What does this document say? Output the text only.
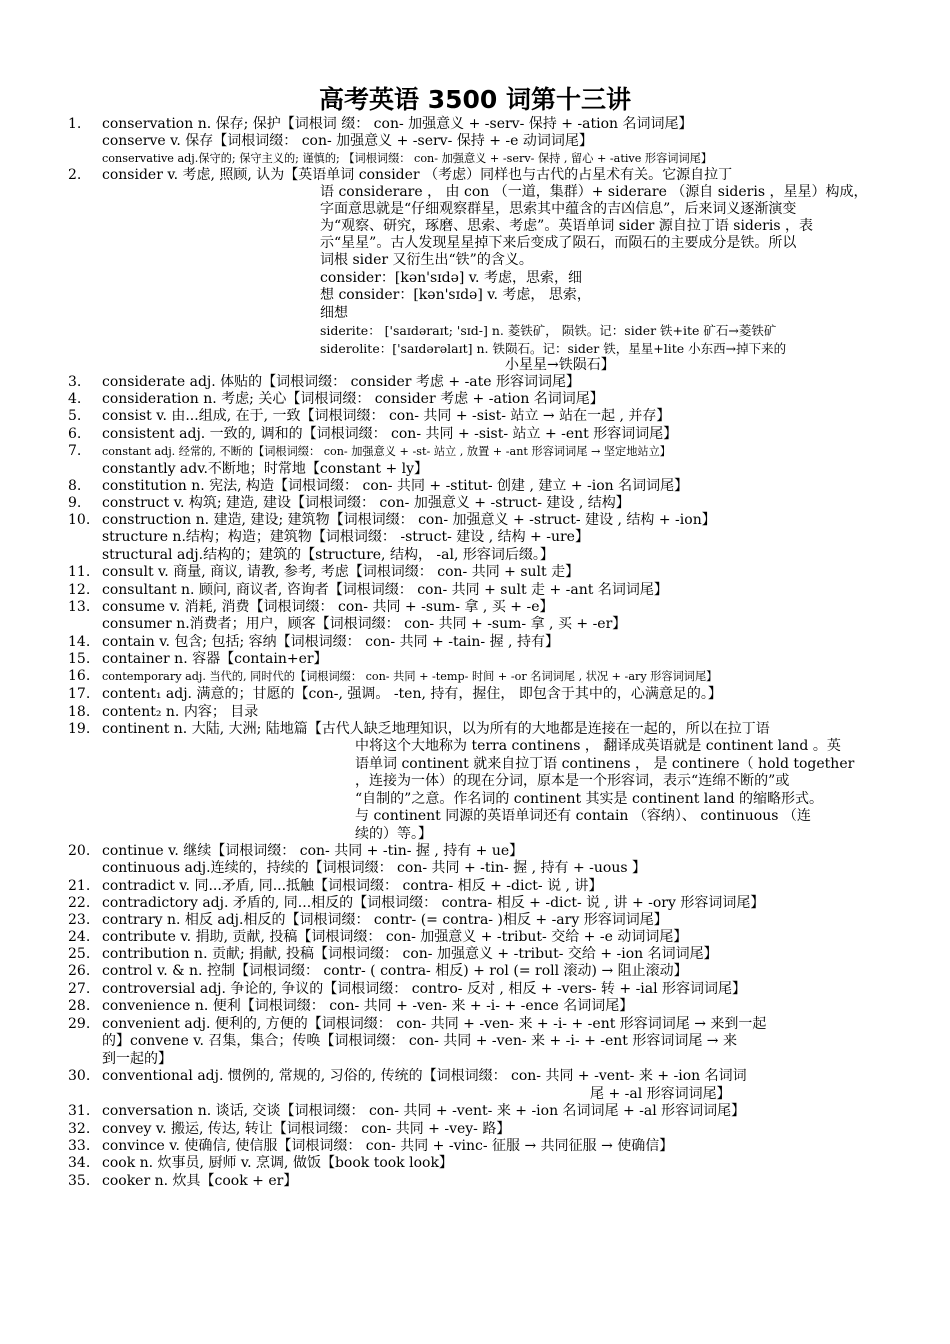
高考英语 3500 词第十三讲
1. conservation n. 保存; 保护【词根词 缀： con- 加强意义 + -serv- 保持 + -ation 名词词尾】
conserve v. 保存【词根词缀： con- 加强意义 + -serv- 保持 + -e 动词词尾】
conservative adj.保守的; 保守主义的; 谨慎的; 【词根词缀： con- 加强意义 + -serv- 保持 , 留心 + -ative 形容词词尾】
2. consider v. 考虑, 照顾, 认为【英语单词 consider （考虑）同样也与古代的占星术有关。它源自拉丁
语 considerare ， 由 con （一道，集群）+ siderare （源自 sideris ，星星）构成，
字面意思就是“仔细观察群星，思索其中蕴含的吉凶信息”，后来词义逐渐演变
为“观察、研究，琢磨、思索、考虑”。英语单词 sider 源自拉丁语 sideris ，表
示“星星”。古人发现星星掉下来后变成了陨石，而陨石的主要成分是铁。所以
词根 sider 又衍生出“铁”的含义。
consider：[kən'sɪdə] v. 考虑，思索，细
想 consider：[kən'sɪdə] v. 考虑， 思索，
细想
siderite： ['saɪdəraɪt; 'sɪd-] n. 菱铁矿， 陨铁。记：sider 铁+ite 矿石→菱铁矿
siderolite：['saɪdərəlaɪt] n. 铁陨石。记：sider 铁，星星+lite 小东西→掉下来的
小星星→铁陨石】
3. considerate adj. 体贴的【词根词缀： consider 考虑 + -ate 形容词词尾】
4. consideration n. 考虑; 关心【词根词缀： consider 考虑 + -ation 名词词尾】
5. consist v. 由...组成, 在于, 一致【词根词缀： con- 共同 + -sist- 站立 → 站在一起 , 并存】
6. consistent adj. 一致的, 调和的【词根词缀： con- 共同 + -sist- 站立 + -ent 形容词词尾】
7. constant adj. 经常的, 不断的【词根词缀： con- 加强意义 + -st- 站立 , 放置 + -ant 形容词词尾 → 坚定地站立】
constantly adv.不断地；时常地【constant + ly】
8. constitution n. 宪法, 构造【词根词缀： con- 共同 + -stitut- 创建 , 建立 + -ion 名词词尾】
9. construct v. 构筑; 建造, 建设【词根词缀： con- 加强意义 + -struct- 建设 , 结构】
10. construction n. 建造, 建设; 建筑物【词根词缀： con- 加强意义 + -struct- 建设 , 结构 + -ion】
structure n.结构；构造；建筑物【词根词缀： -struct- 建设 , 结构 + -ure】
structural adj.结构的；建筑的【structure, 结构， -al, 形容词后缀。】
11. consult v. 商量, 商议, 请教, 参考, 考虑【词根词缀： con- 共同 + sult 走】
12. consultant n. 顾问, 商议者, 咨询者【词根词缀： con- 共同 + sult 走 + -ant 名词词尾】
13. consume v. 消耗, 消费【词根词缀： con- 共同 + -sum- 拿 , 买 + -e】
consumer n.消费者；用户，顾客【词根词缀： con- 共同 + -sum- 拿 , 买 + -er】
14. contain v. 包含; 包括; 容纳【词根词缀： con- 共同 + -tain- 握 , 持有】
15. container n. 容器【contain+er】
16. contemporary adj. 当代的, 同时代的【词根词缀： con- 共同 + -temp- 时间 + -or 名词词尾 , 状况 + -ary 形容词词尾】
17. content₁ adj. 满意的；甘愿的【con-, 强调。 -ten, 持有，握住， 即包含于其中的，心满意足的。】
18. content₂ n. 内容； 目录
19. continent n. 大陆, 大洲; 陆地篇【古代人缺乏地理知识，以为所有的大地都是连接在一起的，所以在拉丁语
中将这个大地称为 terra continens ， 翻译成英语就是 continent land 。英
语单词 continent 就来自拉丁语 continens ， 是 continere（ hold together
，连接为一体）的现在分词，原本是一个形容词，表示“连绵不断的”或
“自制的”之意。作名词的 continent 其实是 continent land 的缩略形式。
与 continent 同源的英语单词还有 contain （容纳）、 continuous （连
续的）等。】
20. continue v. 继续【词根词缀： con- 共同 + -tin- 握 , 持有 + ue】
continuous adj.连续的，持续的【词根词缀： con- 共同 + -tin- 握 , 持有 + -uous 】
21. contradict v. 同...矛盾, 同...抵触【词根词缀： contra- 相反 + -dict- 说 , 讲】
22. contradictory adj. 矛盾的, 同...相反的【词根词缀： contra- 相反 + -dict- 说 , 讲 + -ory 形容词词尾】
23. contrary n. 相反 adj.相反的【词根词缀： contr- (= contra- )相反 + -ary 形容词词尾】
24. contribute v. 捐助, 贡献, 投稿【词根词缀： con- 加强意义 + -tribut- 交给 + -e 动词词尾】
25. contribution n. 贡献; 捐献, 投稿【词根词缀： con- 加强意义 + -tribut- 交给 + -ion 名词词尾】
26. control v. & n. 控制【词根词缀： contr- ( contra- 相反) + rol (= roll 滚动) → 阻止滚动】
27. controversial adj. 争论的, 争议的【词根词缀： contro- 反对 , 相反 + -vers- 转 + -ial 形容词词尾】
28. convenience n. 便利【词根词缀： con- 共同 + -ven- 来 + -i- + -ence 名词词尾】
29. convenient adj. 便利的, 方便的【词根词缀： con- 共同 + -ven- 来 + -i- + -ent 形容词词尾 → 来到一起
的】convene v. 召集，集合；传唤【词根词缀： con- 共同 + -ven- 来 + -i- + -ent 形容词词尾 → 来
到一起的】
30. conventional adj. 惯例的, 常规的, 习俗的, 传统的【词根词缀： con- 共同 + -vent- 来 + -ion 名词词
尾 + -al 形容词词尾】
31. conversation n. 谈话, 交谈【词根词缀： con- 共同 + -vent- 来 + -ion 名词词尾 + -al 形容词词尾】
32. convey v. 搬运, 传达, 转让【词根词缀： con- 共同 + -vey- 路】
33. convince v. 使确信, 使信服【词根词缀： con- 共同 + -vinc- 征服 → 共同征服 → 使确信】
34. cook n. 炊事员, 厨师 v. 烹调, 做饭【book took look】
35. cooker n. 炊具【cook + er】
